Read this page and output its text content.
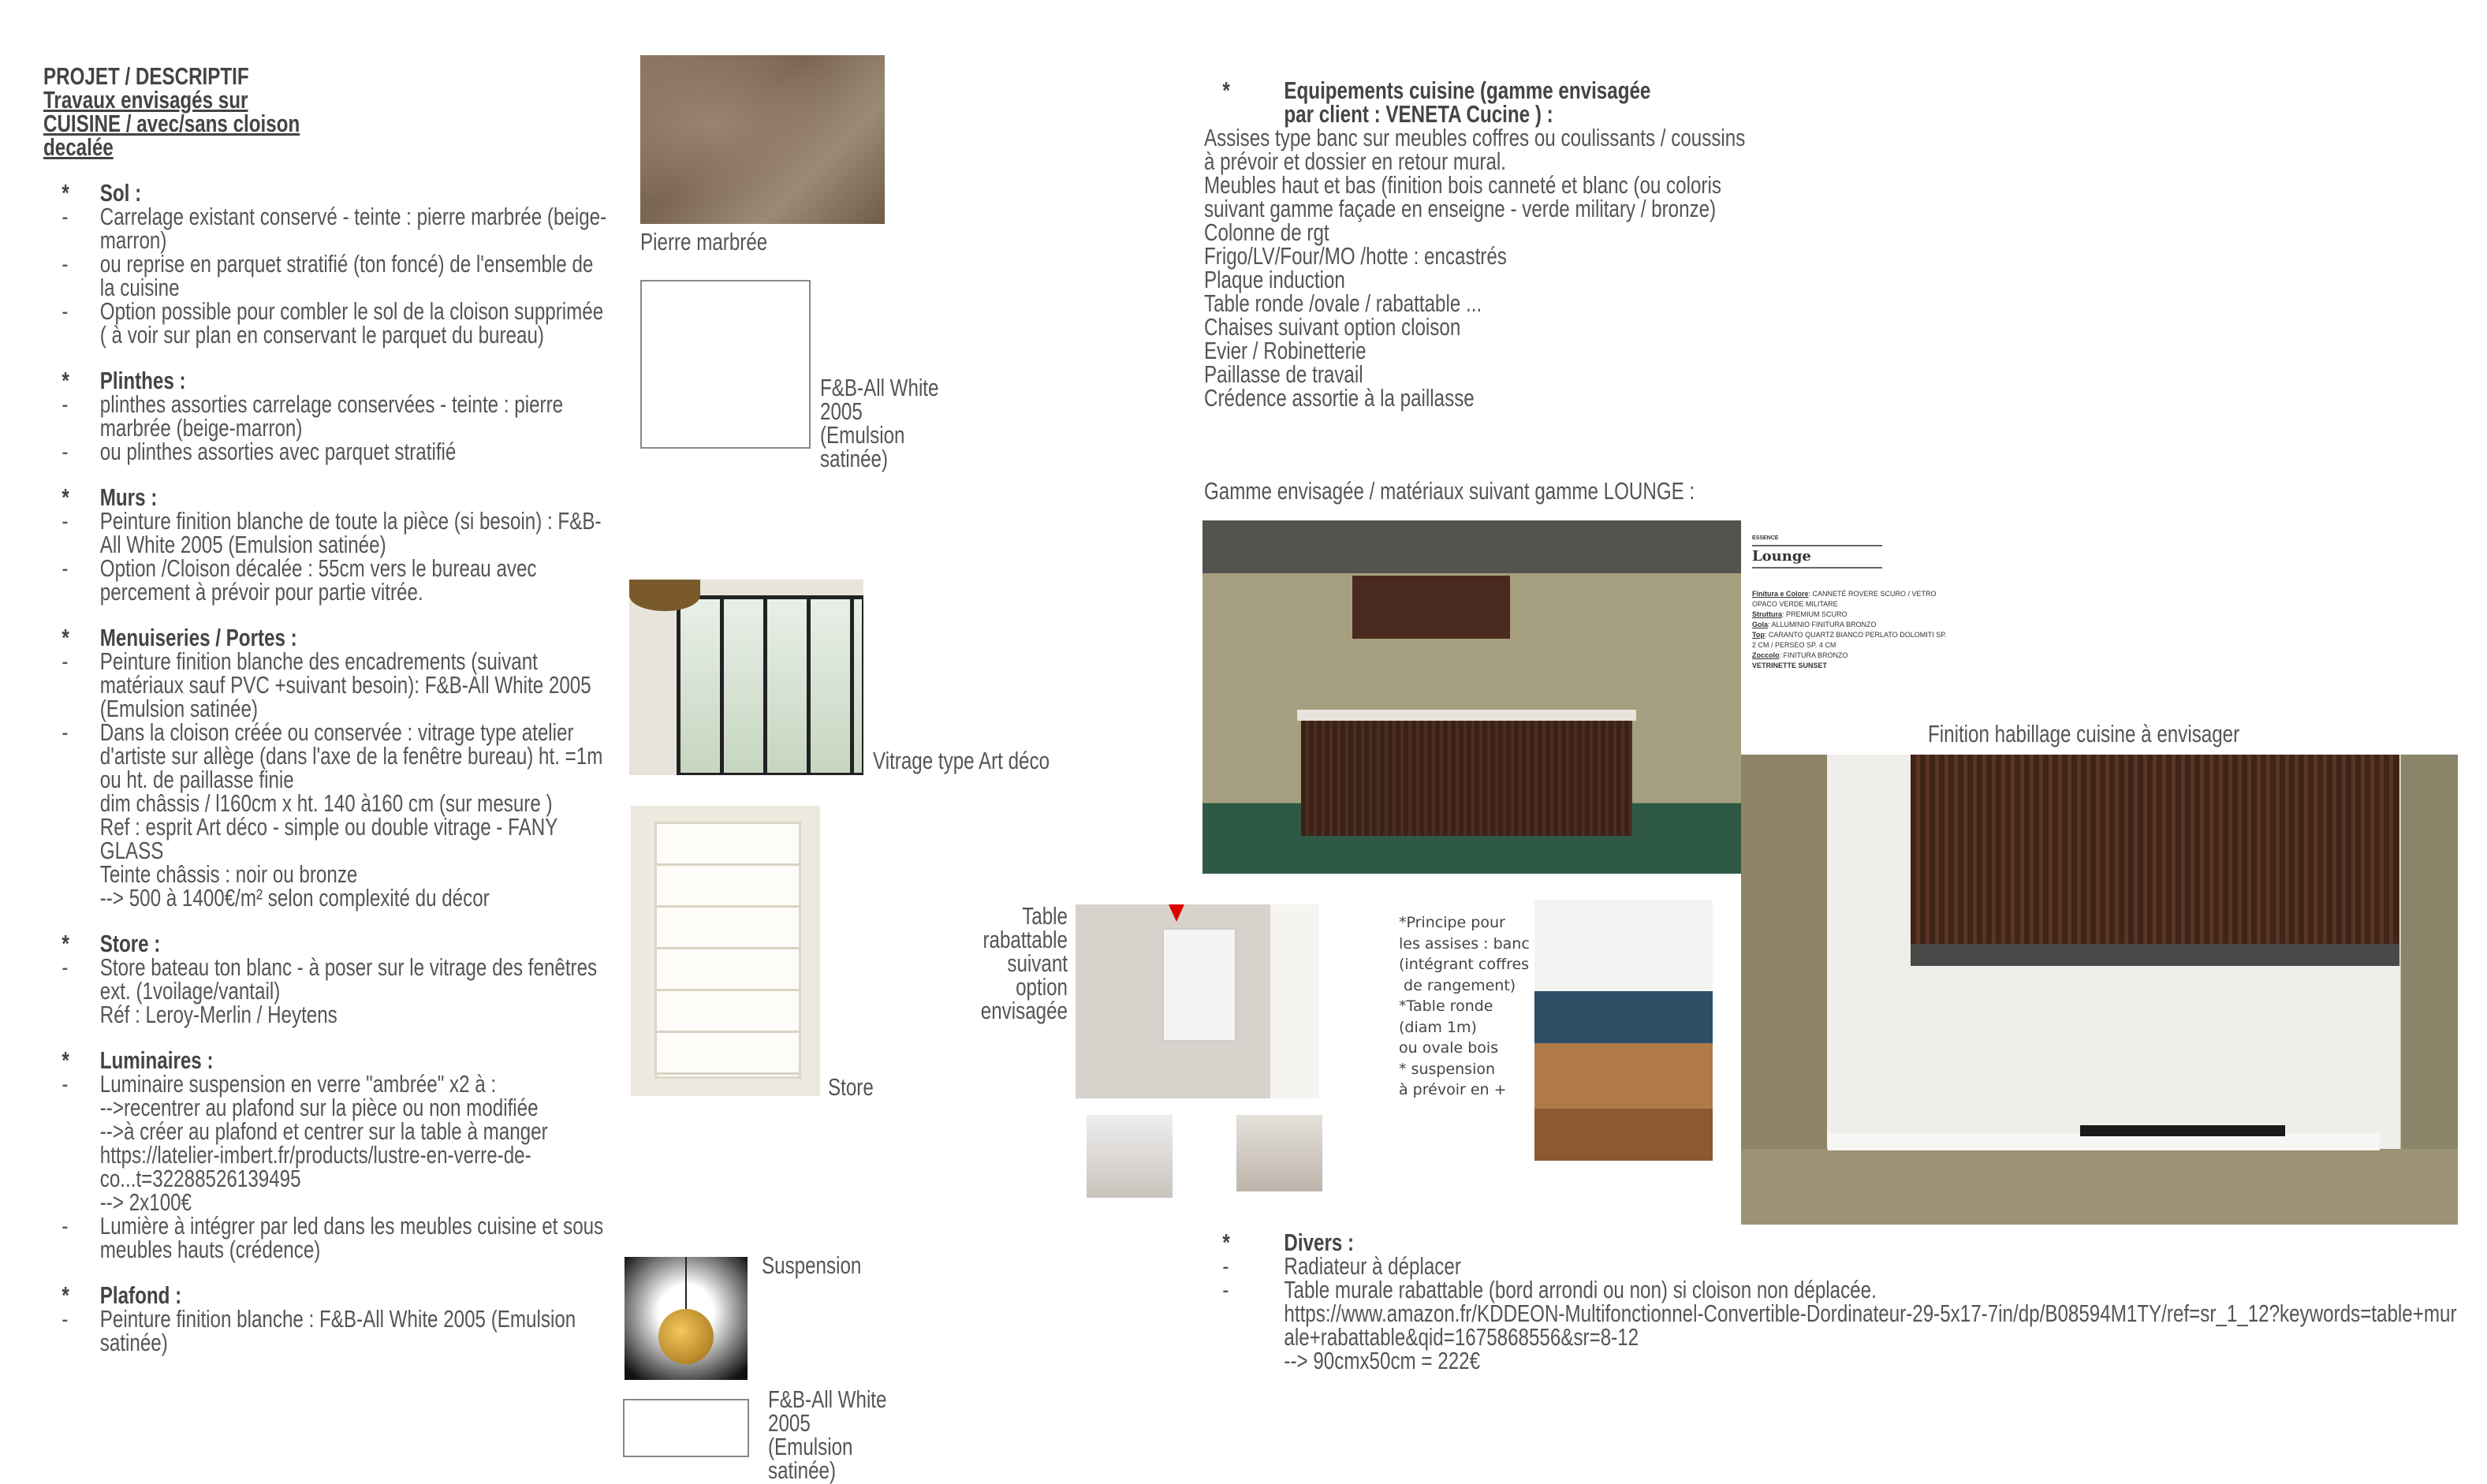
PROJET / DESCRIPTIF
Travaux envisagés sur CUISINE / avec/sans cloison decalée
*	Sol :
-	Carrelage existant conservé - teinte : pierre marbrée (beige-marron)
-	ou reprise en parquet stratifié (ton foncé) de l'ensemble de la cuisine
-	Option possible pour combler le sol de la cloison supprimée ( à voir sur plan en conservant le parquet du bureau)
*	Plinthes :
-	plinthes assorties carrelage conservées - teinte : pierre marbrée (beige-marron)
-	ou plinthes assorties avec parquet stratifié
*	Murs :
-	Peinture finition blanche de toute la pièce (si besoin) : F&B-All White 2005 (Emulsion satinée)
-	Option /Cloison décalée : 55cm vers le bureau avec percement à prévoir pour partie vitrée.
*	Menuiseries / Portes :
-	Peinture finition blanche des encadrements (suivant matériaux sauf PVC +suivant besoin): F&B-All White 2005 (Emulsion satinée)
-	Dans la cloison créée ou conservée : vitrage type atelier d'artiste sur allège (dans l'axe de la fenêtre bureau) ht. =1m ou ht. de paillasse finie
dim châssis / l160cm x ht. 140 à160 cm (sur mesure )
Ref : esprit Art déco - simple ou double vitrage - FANY GLASS
Teinte châssis : noir ou bronze
--> 500 à 1400€/m² selon complexité du décor
*	Store :
-	Store bateau ton blanc - à poser sur le vitrage des fenêtres ext. (1voilage/vantail)
Réf : Leroy-Merlin / Heytens
*	Luminaires :
-	Luminaire suspension en verre "ambrée" x2 à :
-->recentrer au plafond sur la pièce ou non modifiée
-->à créer au plafond et centrer sur la table à manger
https://latelier-imbert.fr/products/lustre-en-verre-de-co...t=32288526139495
--> 2x100€
-	Lumière à intégrer par led dans les meubles cuisine et sous meubles hauts (crédence)
*	Plafond :
-	Peinture finition blanche : F&B-All White 2005 (Emulsion satinée)
Pierre marbrée
F&B-All White 2005 (Emulsion satinée)
Vitrage type Art déco
Store
Suspension
F&B-All White 2005 (Emulsion satinée)
Table rabattable suivant option envisagée
*Principe pour
les assises : banc
(intégrant coffres
de rangement)
*Table ronde
(diam 1m)
ou ovale bois
* suspension
à prévoir en +
*	Equipements cuisine (gamme envisagée par client : VENETA Cucine ) :
Assises type banc sur meubles coffres ou coulissants / coussins à prévoir et dossier en retour mural.
Meubles haut et bas (finition bois canneté et blanc (ou coloris suivant gamme façade en enseigne - verde military / bronze)
Colonne de rgt
Frigo/LV/Four/MO /hotte : encastrés
Plaque induction
Table ronde /ovale / rabattable ...
Chaises suivant option cloison
Evier / Robinetterie
Paillasse de travail
Crédence assortie à la paillasse
Gamme envisagée / matériaux suivant gamme LOUNGE :
ESSENCE
Lounge
Finitura e Colore: CANNETÉ ROVERE SCURO / VETRO OPACO VERDE MILITARE
Struttura: PREMIUM SCURO
Gola: ALLUMINIO FINITURA BRONZO
Top: CARANTO QUARTZ BIANCO PERLATO DOLOMITI SP. 2 CM / PERSEO SP. 4 CM
Zoccolo: FINITURA BRONZO
VETRINETTE SUNSET
Finition habillage cuisine à envisager
*	Divers :
-	Radiateur à déplacer
-	Table murale rabattable (bord arrondi ou non) si cloison non déplacée.
https://www.amazon.fr/KDDEON-Multifonctionnel-Convertible-Dordinateur-29-5x17-7in/dp/B08594M1TY/ref=sr_1_12?keywords=table+murale+rabattable&qid=1675868556&sr=8-12
--> 90cmx50cm = 222€
